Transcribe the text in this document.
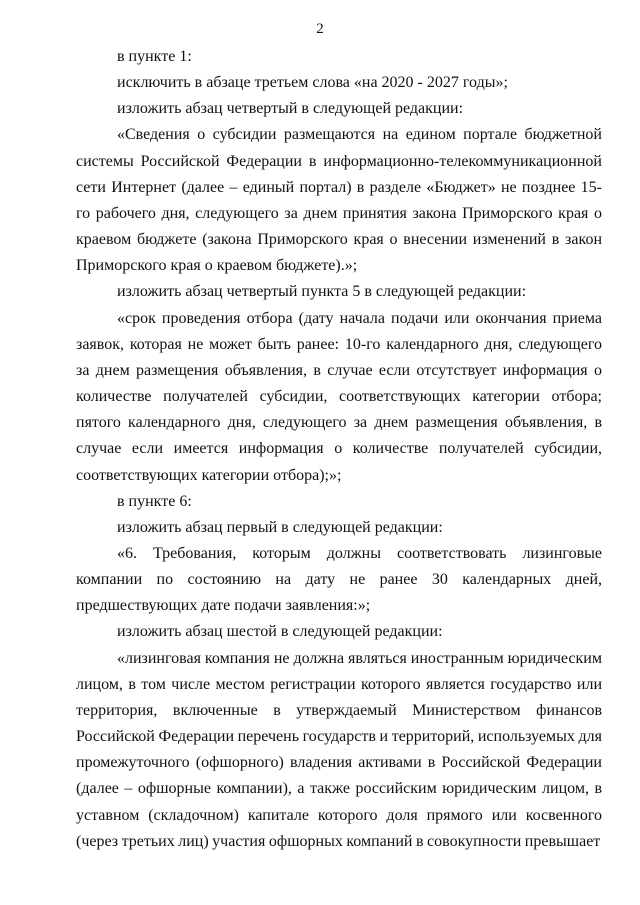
2

в пункте 1:

исключить в абзаце третьем слова «на 2020 - 2027 годы»;

изложить абзац четвертый в следующей редакции:

«Сведения о субсидии размещаются на едином портале бюджетной системы Российской Федерации в информационно-телекоммуникационной сети Интернет (далее – единый портал) в разделе «Бюджет» не позднее 15-го рабочего дня, следующего за днем принятия закона Приморского края о краевом бюджете (закона Приморского края о внесении изменений в закон Приморского края о краевом бюджете).»;

изложить абзац четвертый пункта 5 в следующей редакции:

«срок проведения отбора (дату начала подачи или окончания приема заявок, которая не может быть ранее: 10-го календарного дня, следующего за днем размещения объявления, в случае если отсутствует информация о количестве получателей субсидии, соответствующих категории отбора; пятого календарного дня, следующего за днем размещения объявления, в случае если имеется информация о количестве получателей субсидии, соответствующих категории отбора);»;

в пункте 6:

изложить абзац первый в следующей редакции:

«6. Требования, которым должны соответствовать лизинговые компании по состоянию на дату не ранее 30 календарных дней, предшествующих дате подачи заявления:»;

изложить абзац шестой в следующей редакции:

«лизинговая компания не должна являться иностранным юридическим лицом, в том числе местом регистрации которого является государство или территория, включенные в утверждаемый Министерством финансов Российской Федерации перечень государств и территорий, используемых для промежуточного (офшорного) владения активами в Российской Федерации (далее – офшорные компании), а также российским юридическим лицом, в уставном (складочном) капитале которого доля прямого или косвенного (через третьих лиц) участия офшорных компаний в совокупности превышает
